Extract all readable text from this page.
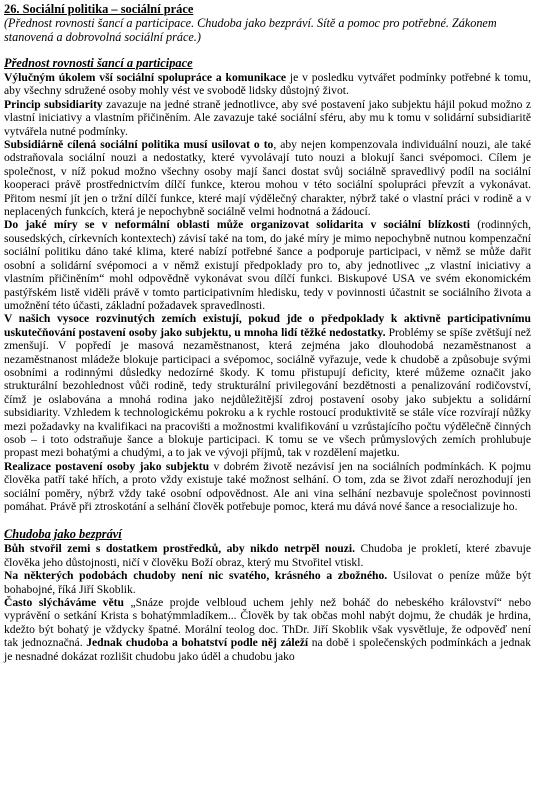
26. Sociální politika – sociální práce

(Přednost rovnosti šancí a participace. Chudoba jako bezpráví. Sítě a pomoc pro potřebné. Zákonem stanovená a dobrovolná sociální práce.)

Přednost rovnosti šancí a participace

Výlučným úkolem vší sociální spolupráce a komunikace je v posledku vytvářet podmínky potřebné k tomu, aby všechny sdružené osoby mohly vést ve svobodě lidsky důstojný život.

Princip subsidiarity zavazuje na jedné straně jednotlivce, aby své postavení jako subjektu hájil pokud možno z vlastní iniciativy a vlastním přičiněním. Ale zavazuje také sociální sféru, aby mu k tomu v solidární subsidiaritě vytvářela nutné podmínky.

Subsidiárně cílená sociální politika musí usilovat o to, aby nejen kompenzovala individuální nouzi, ale také odstraňovala sociální nouzi a nedostatky, které vyvolávají tuto nouzi a blokují šanci svépomoci. Cílem je společnost, v níž pokud možno všechny osoby mají šanci dostat svůj sociálně spravedlivý podíl na sociální kooperaci právě prostřednictvím dílčí funkce, kterou mohou v této sociální spolupráci převzít a vykonávat. Přitom nesmí jít jen o tržní dílčí funkce, které mají výdělečný charakter, nýbrž také o vlastní práci v rodině a v neplacených funkcích, která je nepochybně sociálně velmi hodnotná a žádoucí.

Do jaké míry se v neformální oblasti může organizovat solidarita v sociální blízkosti (rodinných, sousedských, církevních kontextech) závisí také na tom, do jaké míry je mimo nepochybně nutnou kompenzační sociální politiku dáno také klima, které nabízí potřebné šance a podporuje participaci, v němž se může dařit osobní a solidární svépomoci a v němž existují předpoklady pro to, aby jednotlivec „z vlastní iniciativy a vlastním přičiněním“ mohl odpovědně vykonávat svou dílčí funkci. Biskupové USA ve svém ekonomickém pastýřském listě viděli právě v tomto participativním hledisku, tedy v povinnosti účastnit se sociálního života a umožnění této účasti, základní požadavek spravedlnosti.

V našich vysoce rozvinutých zemích existují, pokud jde o předpoklady k aktivně participativnímu uskutečňování postavení osoby jako subjektu, u mnoha lidí těžké nedostatky. Problémy se spíše zvětšují než zmenšují. V popředí je masová nezaměstnanost, která zejména jako dlouhodobá nezaměstnanost a nezaměstnanost mládeže blokuje participaci a svépomoc, sociálně vyřazuje, vede k chudobě a způsobuje svými osobními a rodinnými důsledky nedozírné škody. K tomu přistupují deficity, které můžeme označit jako strukturální bezohlednost vůči rodině, tedy strukturální privilegování bezdětnosti a penalizování rodičovství, čímž je oslabována a mnohá rodina jako nejdůležitější zdroj postavení osoby jako subjektu a solidární subsidiarity. Vzhledem k technologickému pokroku a k rychle rostoucí produktivitě se stále více rozvírají nůžky mezi požadavky na kvalifikaci na pracovišti a možnostmi kvalifikování u vzrůstajícího počtu výdělečně činných osob – i toto odstraňuje šance a blokuje participaci. K tomu se ve všech průmyslových zemích prohlubuje propast mezi bohatými a chudými, a to jak ve vývoji příjmů, tak v rozdělení majetku.

Realizace postavení osoby jako subjektu v dobrém životě nezávisí jen na sociálních podmínkách. K pojmu člověka patří také hřích, a proto vždy existuje také možnost selhání. O tom, zda se život zdaří nerozhodují jen sociální poměry, nýbrž vždy také osobní odpovědnost. Ale ani vina selhání nezbavuje společnost povinnosti pomáhat. Právě při ztroskotání a selhání člověk potřebuje pomoc, která mu dává nové šance a resocializuje ho.

Chudoba jako bezpráví

Bůh stvořil zemi s dostatkem prostředků, aby nikdo netrpěl nouzi. Chudoba je prokletí, které zbavuje člověka jeho důstojnosti, ničí v člověku Boží obraz, který mu Stvořitel vtiskl.

Na některých podobách chudoby není nic svatého, krásného a zbožného. Usilovat o peníze může být bohabojné, říká Jiří Skoblik.

Často slýcháváme větu „Snáze projde velbloud uchem jehly než boháč do nebeského království“ nebo vyprávění o setkání Krista s bohatýmmladíkem... Člověk by tak občas mohl nabýt dojmu, že chudák je hrdina, kdežto být bohatý je vždycky špatné. Morální teolog doc. ThDr. Jiří Skoblik však vysvětluje, že odpověď není tak jednoznačná. Jednak chudoba a bohatství podle něj záleží na době i společenských podmínkách a jednak je nesnadné dokázat rozlišit chudobu jako úděl a chudobu jako
